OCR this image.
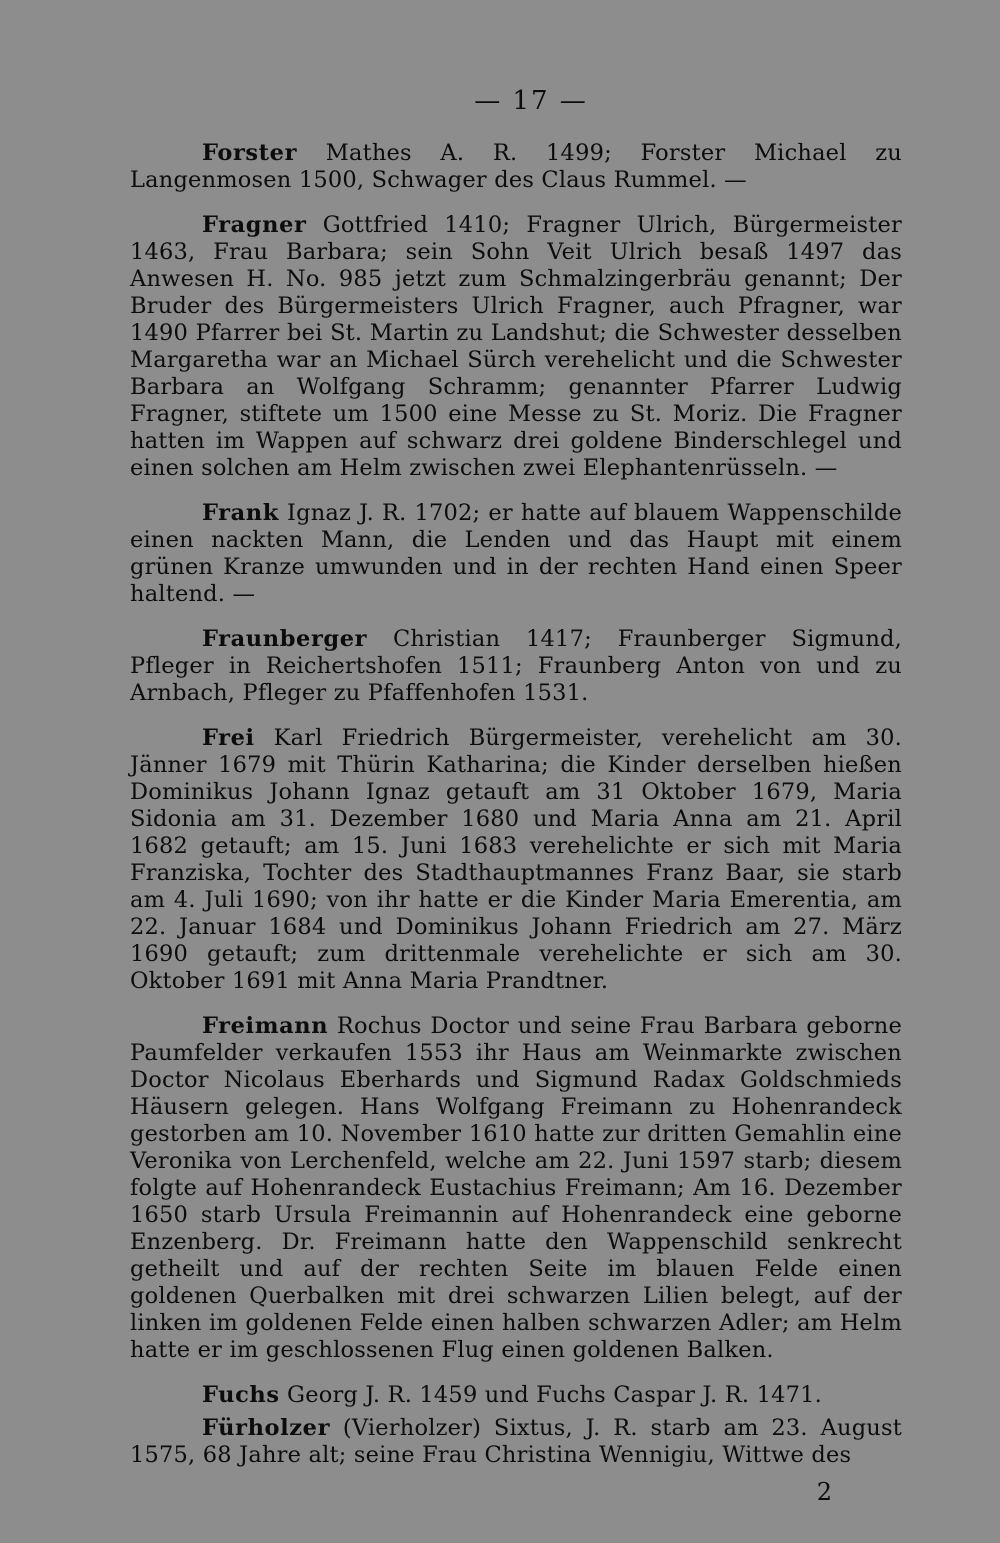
— 17 —

Forster Mathes A. R. 1499; Forster Michael zu Langenmosen 1500, Schwager des Claus Rummel. —

Fragner Gottfried 1410; Fragner Ulrich, Bürgermeister 1463, Frau Barbara; sein Sohn Veit Ulrich besaß 1497 das Anwesen H. No. 985 jetzt zum Schmalzingerbräu genannt; Der Bruder des Bürgermeisters Ulrich Fragner, auch Pfragner, war 1490 Pfarrer bei St. Martin zu Landshut; die Schwester desselben Margaretha war an Michael Sürch verehelicht und die Schwester Barbara an Wolfgang Schramm; genannter Pfarrer Ludwig Fragner, stiftete um 1500 eine Messe zu St. Moriz. Die Fragner hatten im Wappen auf schwarz drei goldene Binderschlegel und einen solchen am Helm zwischen zwei Elephantenrüsseln. —

Frank Ignaz J. R. 1702; er hatte auf blauem Wappenschilde einen nackten Mann, die Lenden und das Haupt mit einem grünen Kranze umwunden und in der rechten Hand einen Speer haltend. —

Fraunberger Christian 1417; Fraunberger Sigmund, Pfleger in Reichertshofen 1511; Fraunberg Anton von und zu Arnbach, Pfleger zu Pfaffenhofen 1531.

Frei Karl Friedrich Bürgermeister, verehelicht am 30. Jänner 1679 mit Thürin Katharina; die Kinder derselben hießen Dominikus Johann Ignaz getauft am 31 Oktober 1679, Maria Sidonia am 31. Dezember 1680 und Maria Anna am 21. April 1682 getauft; am 15. Juni 1683 verehelichte er sich mit Maria Franziska, Tochter des Stadthauptmannes Franz Baar, sie starb am 4. Juli 1690; von ihr hatte er die Kinder Maria Emerentia, am 22. Januar 1684 und Dominikus Johann Friedrich am 27. März 1690 getauft; zum drittenmale verehelichte er sich am 30. Oktober 1691 mit Anna Maria Prandtner.

Freimann Rochus Doctor und seine Frau Barbara geborne Paumfelder verkaufen 1553 ihr Haus am Weinmarkte zwischen Doctor Nicolaus Eberhards und Sigmund Radax Goldschmieds Häusern gelegen. Hans Wolfgang Freimann zu Hohenrandeck gestorben am 10. November 1610 hatte zur dritten Gemahlin eine Veronika von Lerchenfeld, welche am 22. Juni 1597 starb; diesem folgte auf Hohenrandeck Eustachius Freimann; Am 16. Dezember 1650 starb Ursula Freimannin auf Hohenrandeck eine geborne Enzenberg. Dr. Freimann hatte den Wappenschild senkrecht getheilt und auf der rechten Seite im blauen Felde einen goldenen Querbalken mit drei schwarzen Lilien belegt, auf der linken im goldenen Felde einen halben schwarzen Adler; am Helm hatte er im geschlossenen Flug einen goldenen Balken.

Fuchs Georg J. R. 1459 und Fuchs Caspar J. R. 1471.

Fürholzer (Vierholzer) Sixtus, J. R. starb am 23. August 1575, 68 Jahre alt; seine Frau Christina Wennigiu, Wittwe des

2
